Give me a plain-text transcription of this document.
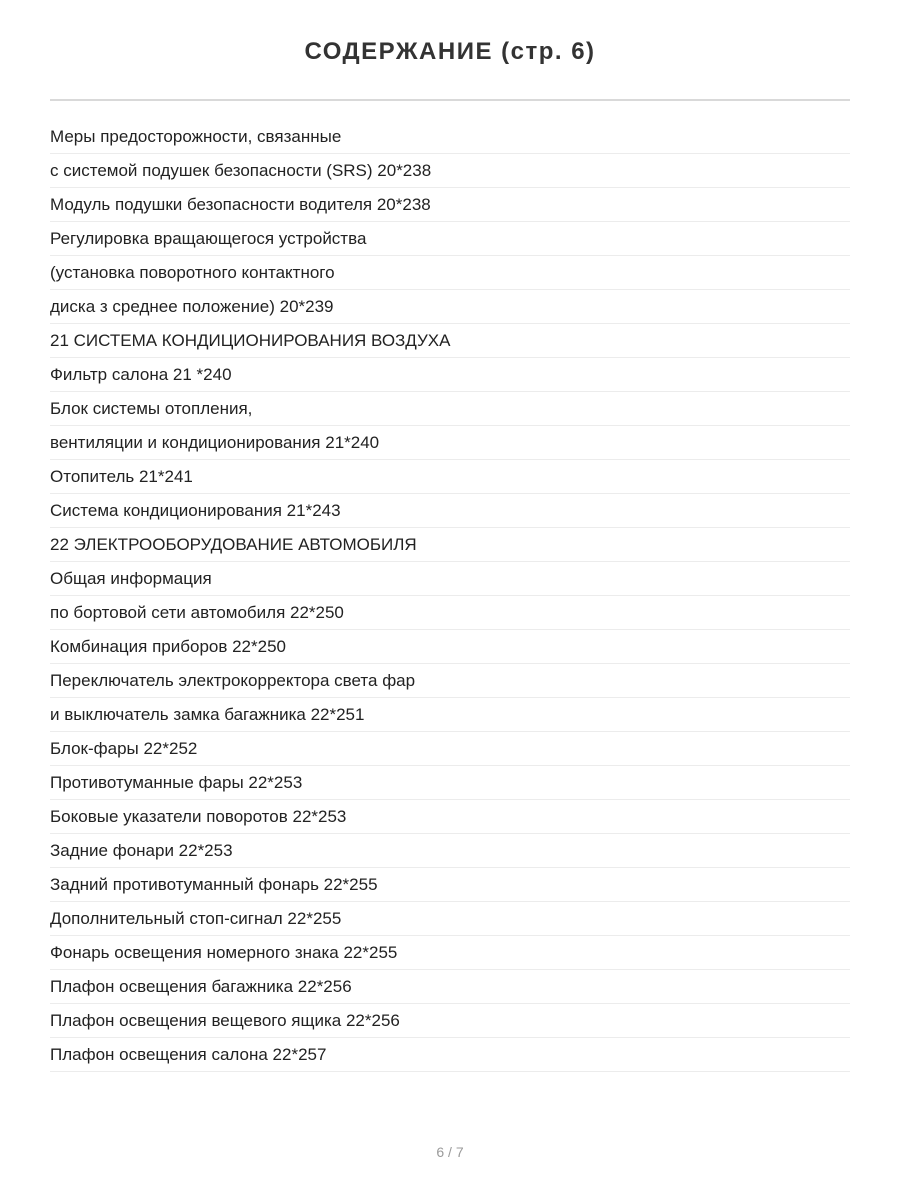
СОДЕРЖАНИЕ (стр. 6)
Меры предосторожности, связанные
с системой подушек безопасности (SRS) 20*238
Модуль подушки безопасности водителя 20*238
Регулировка вращающегося устройства
(установка поворотного контактного
диска з среднее положение) 20*239
21 СИСТЕМА КОНДИЦИОНИРОВАНИЯ ВОЗДУХА
Фильтр салона 21 *240
Блок системы отопления,
вентиляции и кондиционирования 21*240
Отопитель 21*241
Система кондиционирования 21*243
22 ЭЛЕКТРООБОРУДОВАНИЕ АВТОМОБИЛЯ
Общая информация
по бортовой сети автомобиля 22*250
Комбинация приборов 22*250
Переключатель электрокорректора света фар
и выключатель замка багажника 22*251
Блок-фары 22*252
Противотуманные фары 22*253
Боковые указатели поворотов 22*253
Задние фонари 22*253
Задний противотуманный фонарь 22*255
Дополнительный стоп-сигнал 22*255
Фонарь освещения номерного знака 22*255
Плафон освещения багажника 22*256
Плафон освещения вещевого ящика 22*256
Плафон освещения салона 22*257
6 / 7
